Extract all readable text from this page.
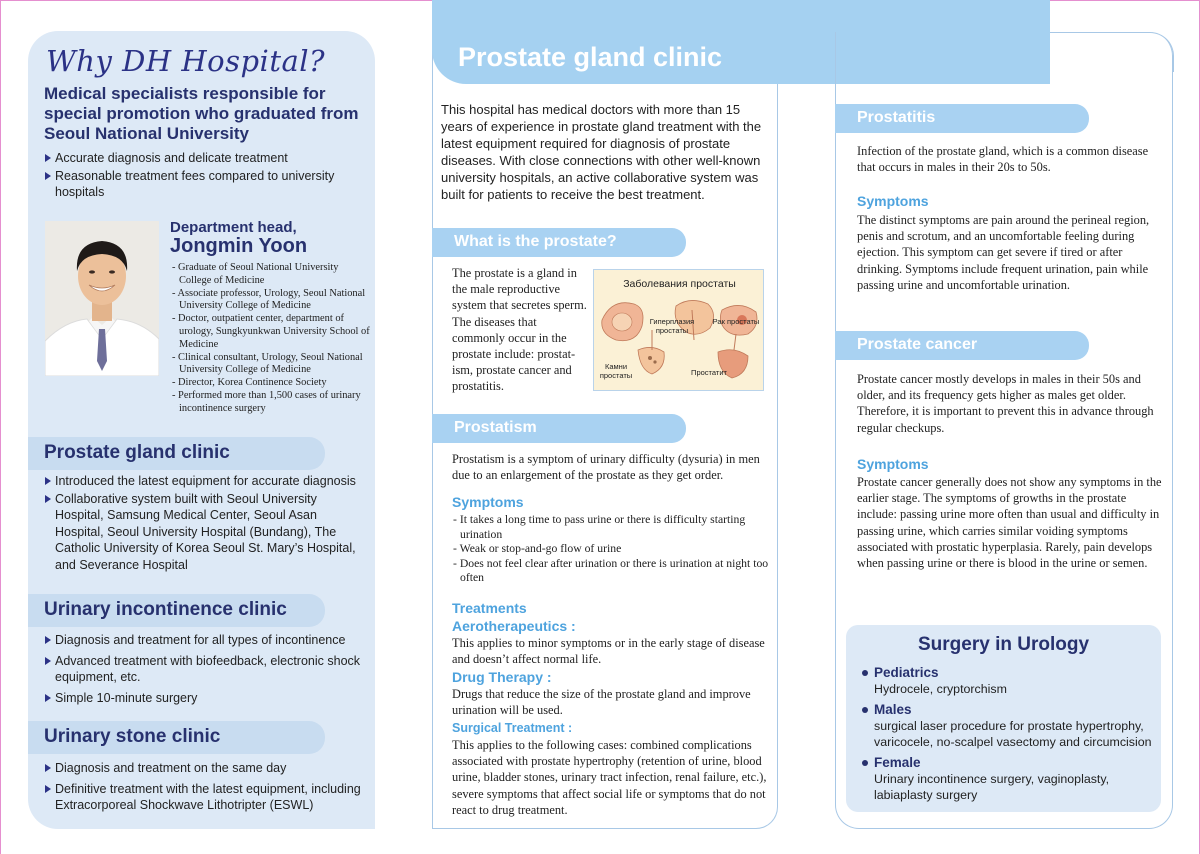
Why DH Hospital?
Medical specialists responsible for special promotion who graduated from Seoul National University
Accurate diagnosis and delicate treatment
Reasonable treatment fees compared to university hospitals
Department head,
Jongmin Yoon
- Graduate of Seoul National University College of Medicine
- Associate professor, Urology, Seoul National University College of Medicine
- Doctor, outpatient center, department of urology, Sungkyunkwan University School of Medicine
- Clinical consultant, Urology, Seoul National University College of Medicine
- Director, Korea Continence Society
- Performed more than 1,500 cases of urinary incontinence surgery
Prostate gland clinic
Introduced the latest equipment for accurate diagnosis
Collaborative system built with Seoul University Hospital, Samsung Medical Center, Seoul Asan Hospital, Seoul University Hospital (Bundang), The Catholic University of Korea Seoul St. Mary’s Hospital, and Severance Hospital
Urinary incontinence clinic
Diagnosis and treatment for all types of incontinence
Advanced treatment with biofeedback, electronic shock equipment, etc.
Simple 10-minute surgery
Urinary stone clinic
Diagnosis and treatment on the same day
Definitive treatment with the latest equipment, including Extracorporeal Shockwave Lithotripter (ESWL)
Prostate gland clinic
This hospital has medical doctors with more than 15 years of experience in prostate gland treatment with the latest equipment required for diagnosis of prostate diseases. With close connections with other well-known university hospitals, an active collaborative system was built for patients to receive the best treatment.
What is the prostate?
The prostate is a gland in the male reproductive system that secretes sperm. The diseases that commonly occur in the prostate include: prostat-ism, prostate cancer and prostatitis.
Заболевания простаты
Гиперплазия простаты
Рак простаты
Камни простаты	Простатит
Prostatism
Prostatism is a symptom of urinary difficulty (dysuria) in men due to an enlargement of the prostate as they get order.
Symptoms
- It takes a long time to pass urine or there is difficulty starting urination
- Weak or stop-and-go flow of urine
- Does not feel clear after urination or there is urination at night too often
Treatments
Aerotherapeutics :
This applies to minor symptoms or in the early stage of disease and doesn’t affect normal life.
Drug Therapy :
Drugs that reduce the size of the prostate gland and improve urination will be used.
Surgical Treatment :
This applies to the following cases: combined complications associated with prostate hypertrophy (retention of urine, blood urine, bladder stones, urinary tract infection, renal failure, etc.), severe symptoms that affect social life or symptoms that do not react to drug treatment.
Prostatitis
Infection of the prostate gland, which is a common disease that occurs in males in their 20s to 50s.
Symptoms
The distinct symptoms are pain around the perineal region, penis and scrotum, and an uncomfortable feeling during ejection. This symptom can get severe if tired or after drinking. Symptoms include frequent urination, pain while passing urine and uncomfortable urination.
Prostate cancer
Prostate cancer mostly develops in males in their 50s and older, and its frequency gets higher as males get older. Therefore, it is important to prevent this in advance through regular checkups.
Symptoms
Prostate cancer generally does not show any symptoms in the earlier stage. The symptoms of growths in the prostate include: passing urine more often than usual and difficulty in passing urine, which carries similar voiding symptoms associated with prostatic hyperplasia. Rarely, pain develops when passing urine or there is blood in the urine or semen.
Surgery in Urology
Pediatrics
Hydrocele, cryptorchism
Males
surgical laser procedure for prostate hypertrophy, varicocele, no-scalpel vasectomy and circumcision
Female
Urinary incontinence surgery, vaginoplasty, labiaplasty surgery
